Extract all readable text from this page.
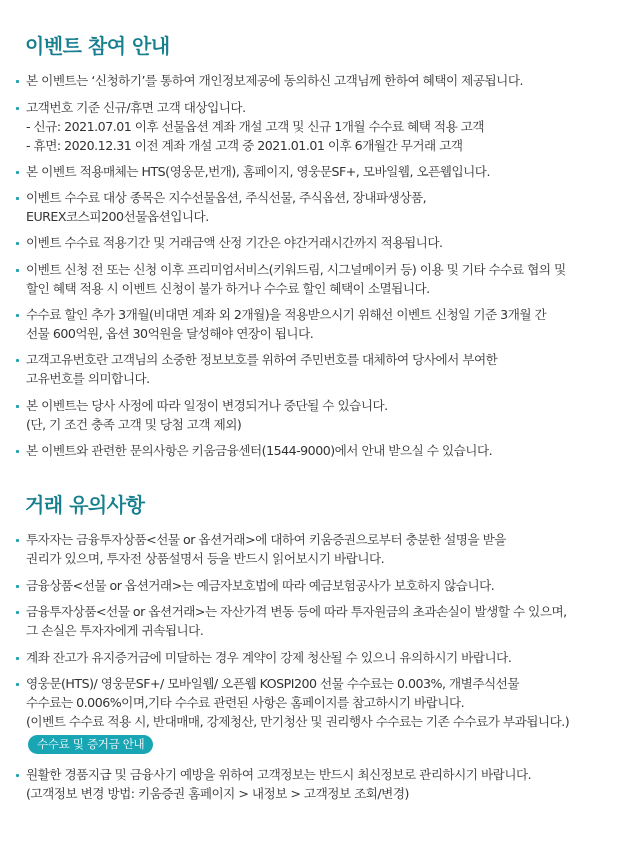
이벤트 참여 안내
본 이벤트는 ‘신청하기’를 통하여 개인정보제공에 동의하신 고객님께 한하여 혜택이 제공됩니다.
고객번호 기준 신규/휴면 고객 대상입니다.
- 신규: 2021.07.01 이후 선물옵션 계좌 개설 고객 및 신규 1개월 수수료 혜택 적용 고객
- 휴면: 2020.12.31 이전 계좌 개설 고객 중 2021.01.01 이후 6개월간 무거래 고객
본 이벤트 적용매체는 HTS(영웅문,번개), 홈페이지, 영웅문SF+, 모바일웹, 오픈웹입니다.
이벤트 수수료 대상 종목은 지수선물옵션, 주식선물, 주식옵션, 장내파생상품,
EUREX코스피200선물옵션입니다.
이벤트 수수료 적용기간 및 거래금액 산정 기간은 야간거래시간까지 적용됩니다.
이벤트 신청 전 또는 신청 이후 프리미엄서비스(키워드림, 시그널메이커 등) 이용 및 기타 수수료 협의 및
할인 혜택 적용 시 이벤트 신청이 불가 하거나 수수료 할인 혜택이 소멸됩니다.
수수료 할인 추가 3개월(비대면 계좌 외 2개월)을 적용받으시기 위해선 이벤트 신청일 기준 3개월 간
선물 600억원, 옵션 30억원을 달성해야 연장이 됩니다.
고객고유번호란 고객님의 소중한 정보보호를 위하여 주민번호를 대체하여 당사에서 부여한
고유번호를 의미합니다.
본 이벤트는 당사 사정에 따라 일정이 변경되거나 중단될 수 있습니다.
(단, 기 조건 충족 고객 및 당첨 고객 제외)
본 이벤트와 관련한 문의사항은 키움금융센터(1544-9000)에서 안내 받으실 수 있습니다.
거래 유의사항
투자자는 금융투자상품<선물 or 옵션거래>에 대하여 키움증권으로부터 충분한 설명을 받을
권리가 있으며, 투자전 상품설명서 등을 반드시 읽어보시기 바랍니다.
금융상품<선물 or 옵션거래>는 예금자보호법에 따라 예금보험공사가 보호하지 않습니다.
금융투자상품<선물 or 옵션거래>는 자산가격 변동 등에 따라 투자원금의 초과손실이 발생할 수 있으며,
그 손실은 투자자에게 귀속됩니다.
계좌 잔고가 유지증거금에 미달하는 경우 계약이 강제 청산될 수 있으니 유의하시기 바랍니다.
영웅문(HTS)/ 영웅문SF+/ 모바일웹/ 오픈웹 KOSPI200 선물 수수료는 0.003%, 개별주식선물
수수료는 0.006%이며,기타 수수료 관련된 사항은 홈페이지를 참고하시기 바랍니다.
(이벤트 수수료 적용 시, 반대매매, 강제청산, 만기청산 및 권리행사 수수료는 기존 수수료가 부과됩니다.)
원활한 경품지급 및 금융사기 예방을 위하여 고객정보는 반드시 최신정보로 관리하시기 바랍니다.
(고객정보 변경 방법: 키움증권 홈페이지 > 내정보 > 고객정보 조회/변경)
수수료 및 증거금 안내
